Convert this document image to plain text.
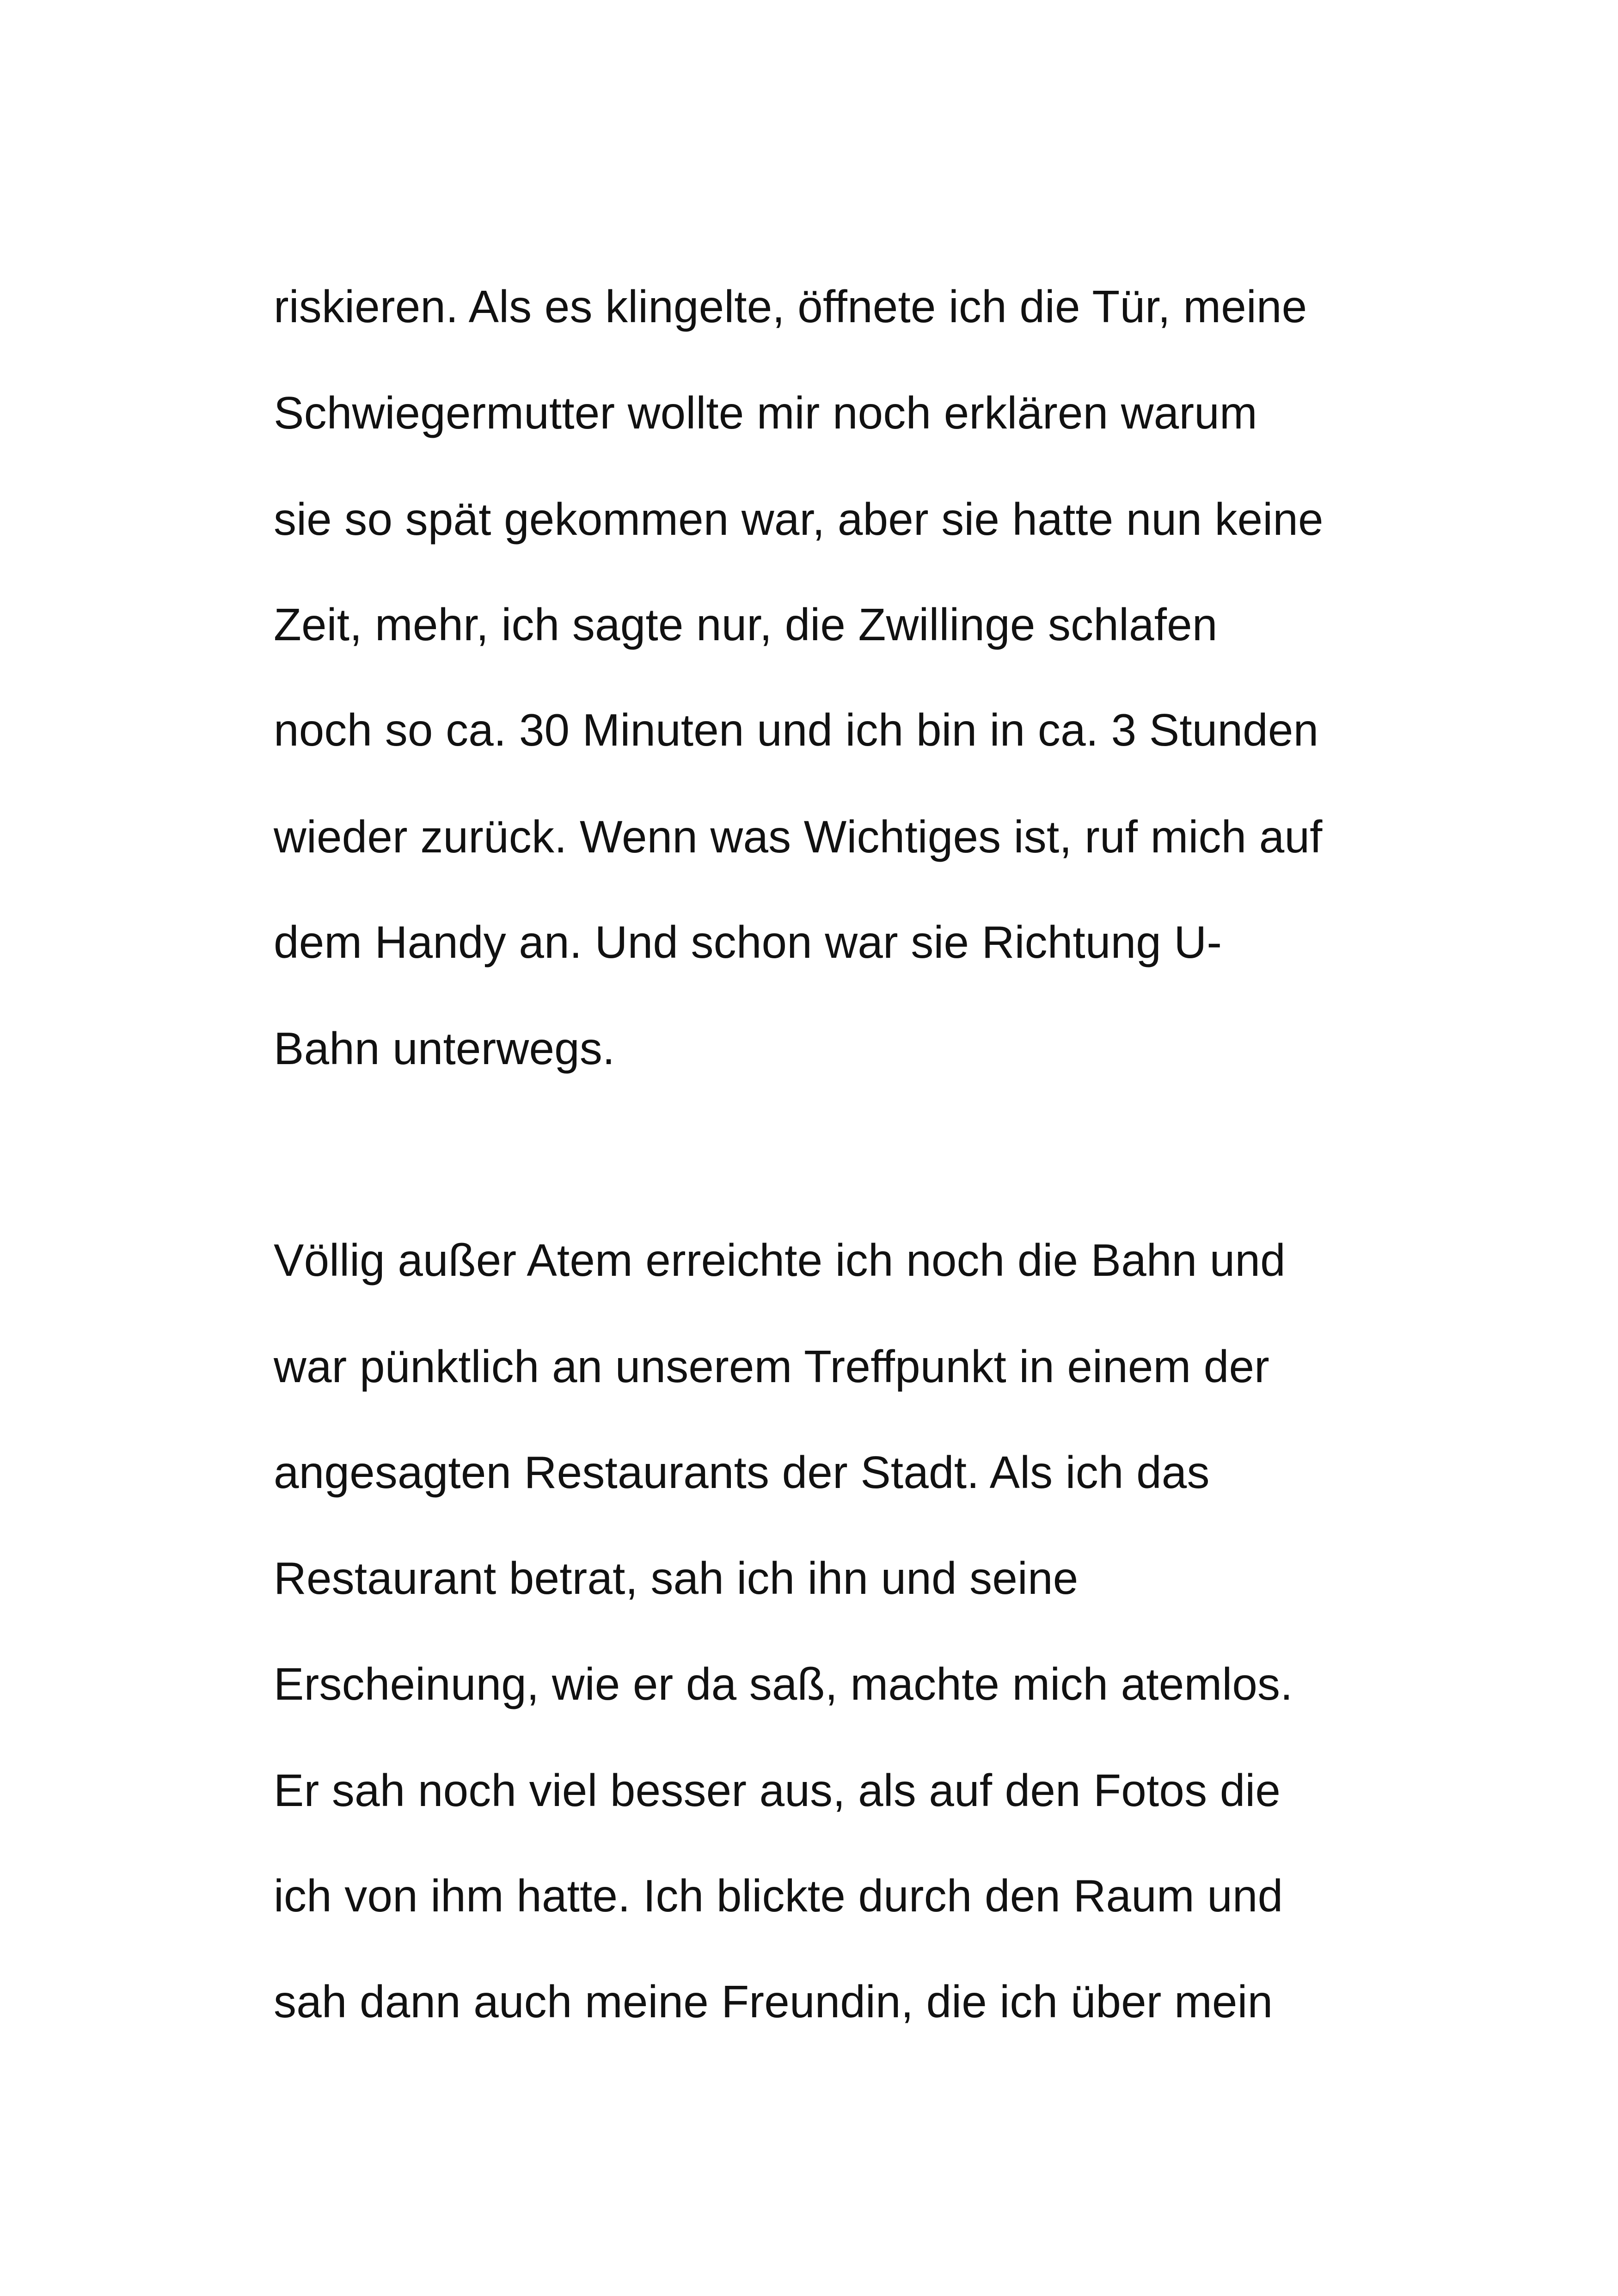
riskieren. Als es klingelte, öffnete ich die Tür, meine

Schwiegermutter wollte mir noch erklären warum

sie so spät gekommen war, aber sie hatte nun keine

Zeit, mehr, ich sagte nur, die Zwillinge schlafen

noch so ca. 30 Minuten und ich bin in ca. 3 Stunden

wieder zurück. Wenn was Wichtiges ist, ruf mich auf

dem Handy an. Und schon war sie Richtung U-

Bahn unterwegs.

Völlig außer Atem erreichte ich noch die Bahn und

war pünktlich an unserem Treffpunkt in einem der

angesagten Restaurants der Stadt. Als ich das

Restaurant betrat, sah ich ihn und seine

Erscheinung, wie er da saß, machte mich atemlos.

Er sah noch viel besser aus, als auf den Fotos die

ich von ihm hatte. Ich blickte durch den Raum und

sah dann auch meine Freundin, die ich über mein
